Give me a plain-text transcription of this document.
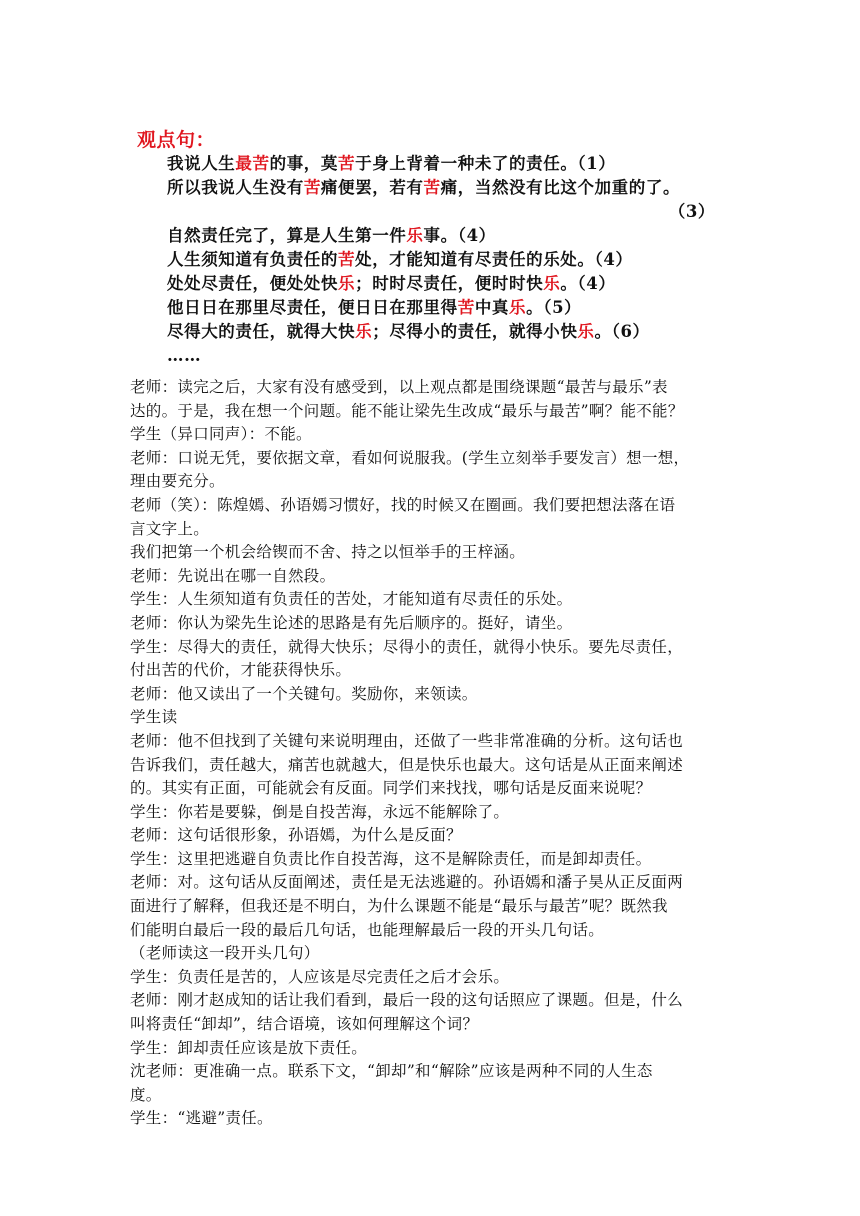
观点句：
我说人生最苦的事，莫苦于身上背着一种未了的责任。（1）
所以我说人生没有苦痛便罢，若有苦痛，当然没有比这个加重的了。
（3）
自然责任完了，算是人生第一件乐事。（4）
人生须知道有负责任的苦处，才能知道有尽责任的乐处。（4）
处处尽责任，便处处快乐；时时尽责任，便时时快乐。（4）
他日日在那里尽责任，便日日在那里得苦中真乐。（5）
尽得大的责任，就得大快乐；尽得小的责任，就得小快乐。（6）
……
老师：读完之后，大家有没有感受到，以上观点都是围绕课题“最苦与最乐”表
达的。于是，我在想一个问题。能不能让梁先生改成“最乐与最苦”啊？能不能？
学生（异口同声）：不能。
老师：口说无凭，要依据文章，看如何说服我。(学生立刻举手要发言）想一想，
理由要充分。
老师（笑）：陈煌嫣、孙语嫣习惯好，找的时候又在圈画。我们要把想法落在语
言文字上。
我们把第一个机会给锲而不舍、持之以恒举手的王梓涵。
老师：先说出在哪一自然段。
学生：人生须知道有负责任的苦处，才能知道有尽责任的乐处。
老师：你认为梁先生论述的思路是有先后顺序的。挺好，请坐。
学生：尽得大的责任，就得大快乐；尽得小的责任，就得小快乐。要先尽责任，
付出苦的代价，才能获得快乐。
老师：他又读出了一个关键句。奖励你，来领读。
学生读
老师：他不但找到了关键句来说明理由，还做了一些非常准确的分析。这句话也
告诉我们，责任越大，痛苦也就越大，但是快乐也最大。这句话是从正面来阐述
的。其实有正面，可能就会有反面。同学们来找找，哪句话是反面来说呢？
学生：你若是要躲，倒是自投苦海，永远不能解除了。
老师：这句话很形象，孙语嫣，为什么是反面？
学生：这里把逃避自负责比作自投苦海，这不是解除责任，而是卸却责任。
老师：对。这句话从反面阐述，责任是无法逃避的。孙语嫣和潘子昊从正反面两
面进行了解释，但我还是不明白，为什么课题不能是“最乐与最苦”呢？既然我
们能明白最后一段的最后几句话，也能理解最后一段的开头几句话。
（老师读这一段开头几句）
学生：负责任是苦的，人应该是尽完责任之后才会乐。
老师：刚才赵成知的话让我们看到，最后一段的这句话照应了课题。但是，什么
叫将责任“卸却”，结合语境，该如何理解这个词？
学生：卸却责任应该是放下责任。
沈老师：更准确一点。联系下文，“卸却”和“解除”应该是两种不同的人生态
度。
学生：“逃避”责任。
